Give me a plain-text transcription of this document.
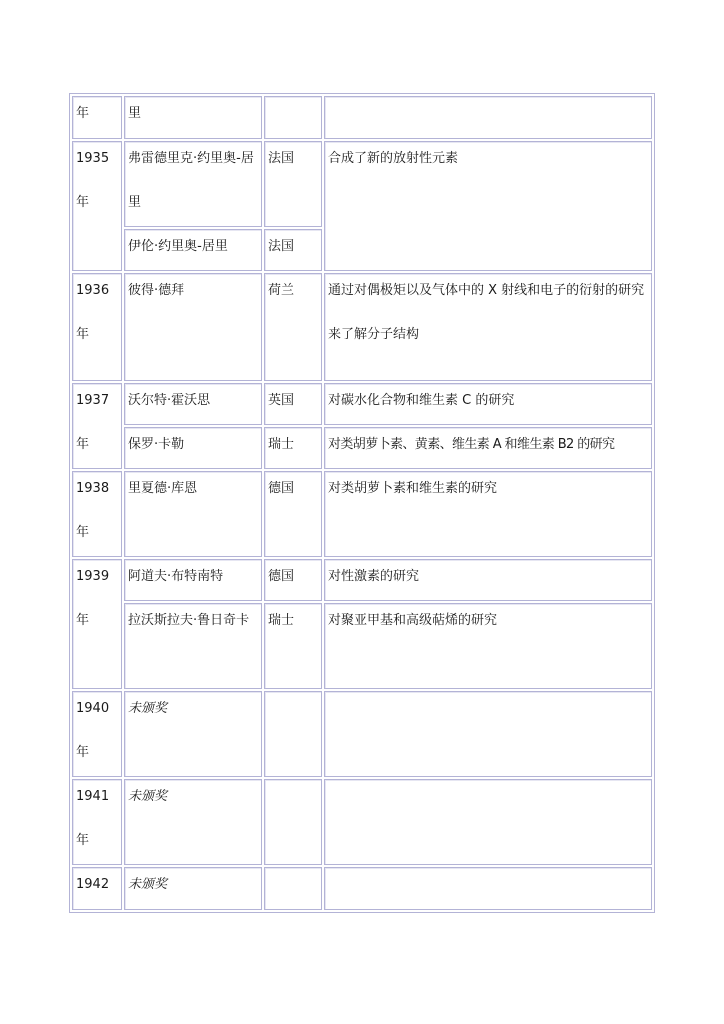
年	里		

1935年	弗雷德里克·约里奥-居里	法国	合成了新的放射性元素

	伊伦·约里奥-居里	法国	

1936年	彼得·德拜	荷兰	通过对偶极矩以及气体中的 X 射线和电子的衍射的研究来了解分子结构

1937年	沃尔特·霍沃思	英国	对碳水化合物和维生素 C 的研究

	保罗·卡勒	瑞士	对类胡萝卜素、黄素、维生素 A 和维生素 B2 的研究

1938年	里夏德·库恩	德国	对类胡萝卜素和维生素的研究

1939年	阿道夫·布特南特	德国	对性激素的研究

	拉沃斯拉夫·鲁日奇卡	瑞士	对聚亚甲基和高级萜烯的研究

1940年	未颁奖		

1941年	未颁奖		

1942	未颁奖		
